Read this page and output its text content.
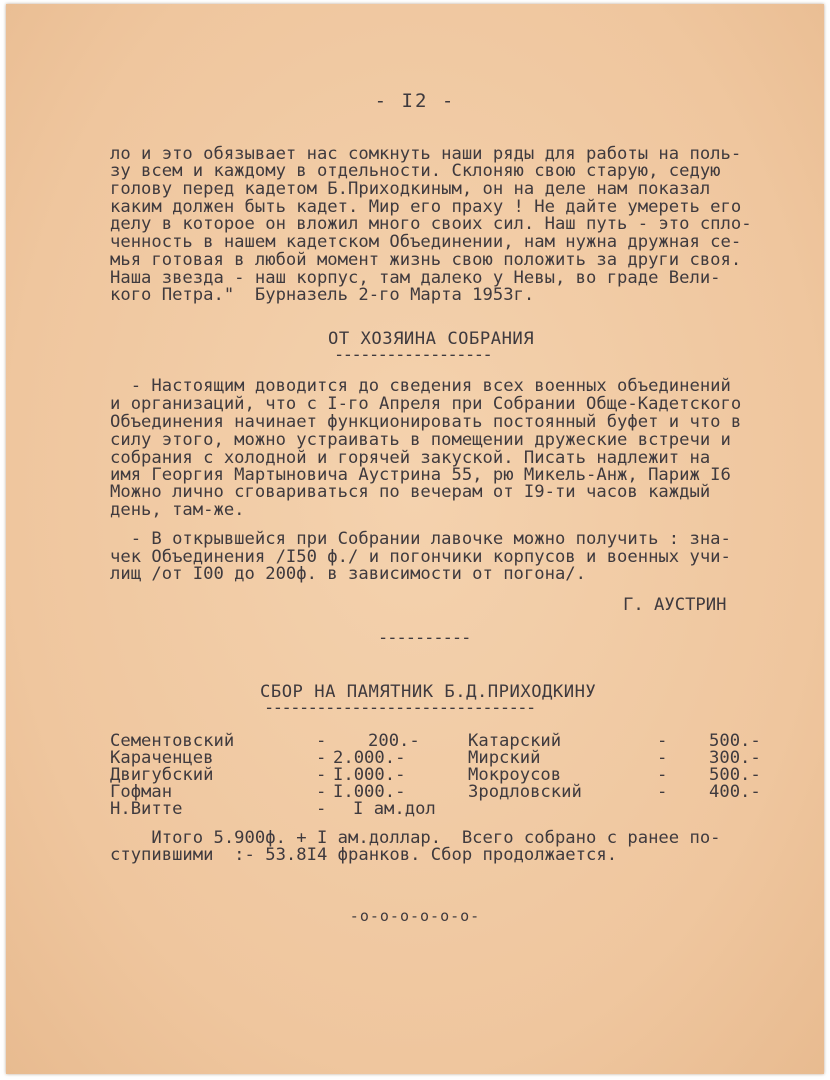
- I2 -
ло и это обязывает нас сомкнуть наши ряды для работы на поль-
зу всем и каждому в отдельности. Склоняю свою старую, седую
голову перед кадетом Б.Приходкиным, он на деле нам показал
каким должен быть кадет. Мир его праху ! Не дайте умереть его
делу в которое он вложил много своих сил. Наш путь - это спло-
ченность в нашем кадетском Объединении, нам нужна дружная се-
мья готовая в любой момент жизнь свою положить за други своя.
Наша звезда - наш корпус, там далеко у Невы, во граде Вели-
кого Петра."  Бурназель 2-го Марта 1953г.
ОТ ХОЗЯИНА СОБРАНИЯ
------------------
- Настоящим доводится до сведения всех военных объединений
и организаций, что с I-го Апреля при Собрании Обще-Кадетского
Объединения начинает функционировать постоянный буфет и что в
силу этого, можно устраивать в помещении дружеские встречи и
собрания с холодной и горячей закуской. Писать надлежит на
имя Георгия Мартыновича Аустрина 55, рю Микель-Анж, Париж I6
Можно лично сговариваться по вечерам от I9-ти часов каждый
день, там-же.
- В открывшейся при Собрании лавочке можно получить : зна-
чек Объединения /I50 ф./ и погончики корпусов и военных учи-
лищ /от I00 до 200ф. в зависимости от погона/.
Г. АУСТРИН
----------
СБОР НА ПАМЯТНИК Б.Д.ПРИХОДКИНУ
-------------------------------
Сементовский	- 200.-
Караченцев	- 2.000.-
Двигубский	- I.000.-
Гофман	- I.000.-
Н.Витте	- I ам.дол
Катарский	- 500.-
Мирский	- 300.-
Мокроусов	- 500.-
Зродловский	- 400.-
Итого 5.900ф. + I ам.доллар.  Всего собрано с ранее по-
ступившими  :- 53.8I4 франков. Сбор продолжается.
-о-о-о-о-о-о-
